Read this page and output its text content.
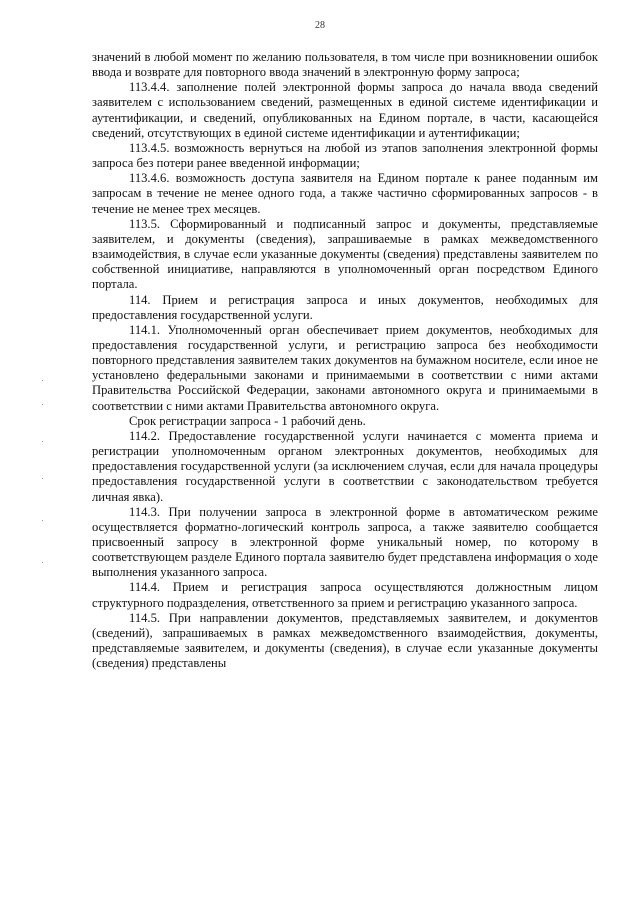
28

значений в любой момент по желанию пользователя, в том числе при возникновении ошибок ввода и возврате для повторного ввода значений в электронную форму запроса;

113.4.4. заполнение полей электронной формы запроса до начала ввода сведений заявителем с использованием сведений, размещенных в единой системе идентификации и аутентификации, и сведений, опубликованных на Едином портале, в части, касающейся сведений, отсутствующих в единой системе идентификации и аутентификации;

113.4.5. возможность вернуться на любой из этапов заполнения электронной формы запроса без потери ранее введенной информации;

113.4.6. возможность доступа заявителя на Едином портале к ранее поданным им запросам в течение не менее одного года, а также частично сформированных запросов - в течение не менее трех месяцев.

113.5. Сформированный и подписанный запрос и документы, представляемые заявителем, и документы (сведения), запрашиваемые в рамках межведомственного взаимодействия, в случае если указанные документы (сведения) представлены заявителем по собственной инициативе, направляются в уполномоченный орган посредством Единого портала.

114. Прием и регистрация запроса и иных документов, необходимых для предоставления государственной услуги.

114.1. Уполномоченный орган обеспечивает прием документов, необходимых для предоставления государственной услуги, и регистрацию запроса без необходимости повторного представления заявителем таких документов на бумажном носителе, если иное не установлено федеральными законами и принимаемыми в соответствии с ними актами Правительства Российской Федерации, законами автономного округа и принимаемыми в соответствии с ними актами Правительства автономного округа.

Срок регистрации запроса - 1 рабочий день.

114.2. Предоставление государственной услуги начинается с момента приема и регистрации уполномоченным органом электронных документов, необходимых для предоставления государственной услуги (за исключением случая, если для начала процедуры предоставления государственной услуги в соответствии с законодательством требуется личная явка).

114.3. При получении запроса в электронной форме в автоматическом режиме осуществляется форматно-логический контроль запроса, а также заявителю сообщается присвоенный запросу в электронной форме уникальный номер, по которому в соответствующем разделе Единого портала заявителю будет представлена информация о ходе выполнения указанного запроса.

114.4. Прием и регистрация запроса осуществляются должностным лицом структурного подразделения, ответственного за прием и регистрацию указанного запроса.

114.5. При направлении документов, представляемых заявителем, и документов (сведений), запрашиваемых в рамках межведомственного взаимодействия, документы, представляемые заявителем, и документы (сведения), в случае если указанные документы (сведения) представлены
